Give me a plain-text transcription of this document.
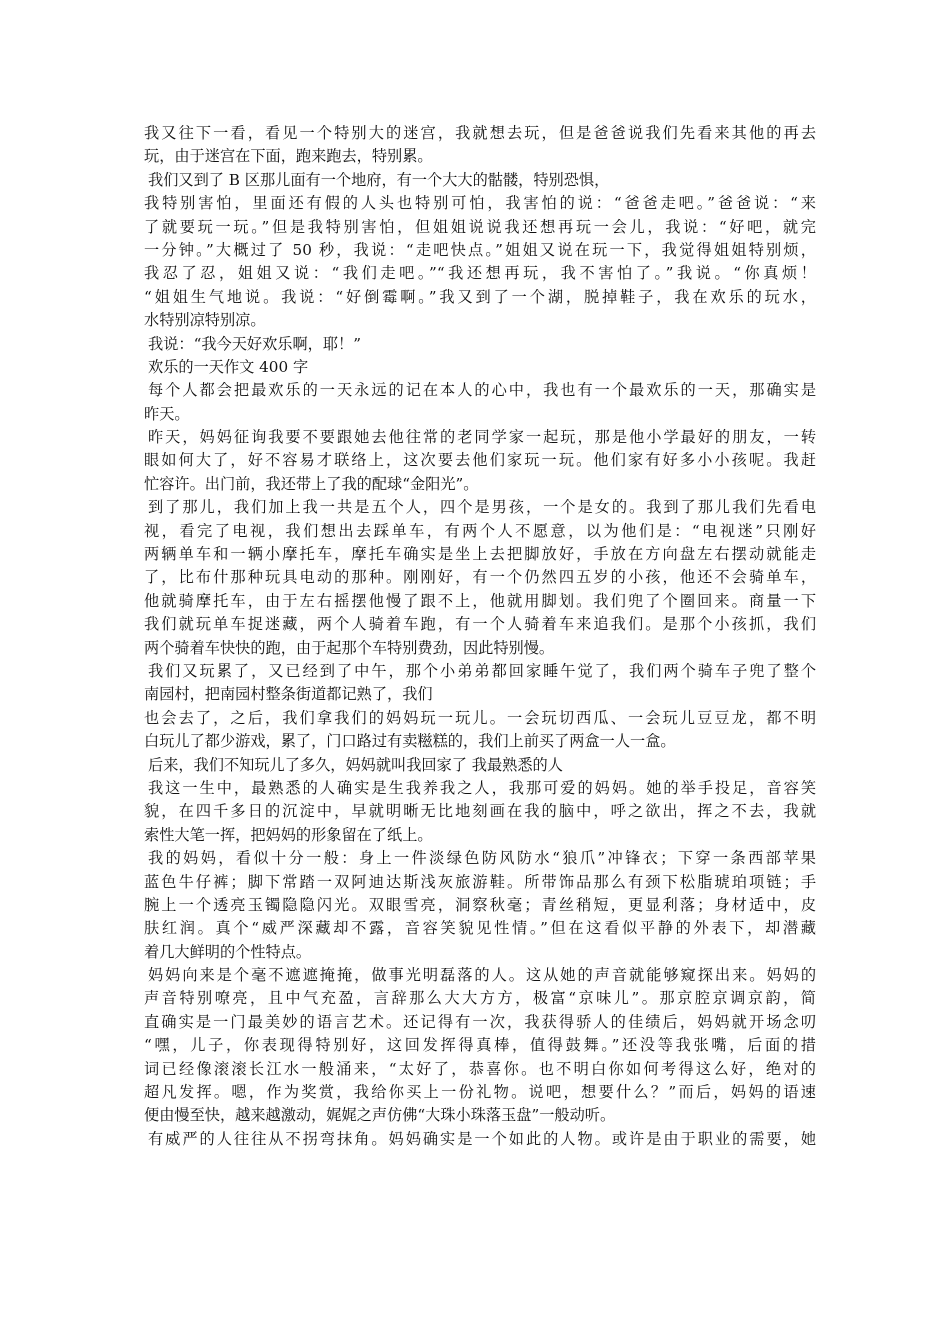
我又往下一看，看见一个特别大的迷宫，我就想去玩，但是爸爸说我们先看来其他的再去
玩，由于迷宫在下面，跑来跑去，特别累。
我们又到了 B 区那儿面有一个地府，有一个大大的骷髅，特别恐惧，
我特别害怕，里面还有假的人头也特别可怕，我害怕的说：“爸爸走吧。”爸爸说：“来
了就要玩一玩。”但是我特别害怕，但姐姐说说我还想再玩一会儿，我说：“好吧，就完
一分钟。”大概过了 50 秒，我说：“走吧快点。”姐姐又说在玩一下，我觉得姐姐特别烦，
我忍了忍，姐姐又说：“我们走吧。”“我还想再玩，我不害怕了。”我说。“你真烦！
“姐姐生气地说。我说：“好倒霉啊。”我又到了一个湖，脱掉鞋子，我在欢乐的玩水，
水特别凉特别凉。
我说：“我今天好欢乐啊，耶！”
欢乐的一天作文 400 字
每个人都会把最欢乐的一天永远的记在本人的心中，我也有一个最欢乐的一天，那确实是
昨天。
昨天，妈妈征询我要不要跟她去他往常的老同学家一起玩，那是他小学最好的朋友，一转
眼如何大了，好不容易才联络上，这次要去他们家玩一玩。他们家有好多小小孩呢。我赶
忙容许。出门前，我还带上了我的配球“金阳光”。
到了那儿，我们加上我一共是五个人，四个是男孩，一个是女的。我到了那儿我们先看电
视，看完了电视，我们想出去踩单车，有两个人不愿意，以为他们是：“电视迷”只刚好
两辆单车和一辆小摩托车，摩托车确实是坐上去把脚放好，手放在方向盘左右摆动就能走
了，比布什那种玩具电动的那种。刚刚好，有一个仍然四五岁的小孩，他还不会骑单车，
他就骑摩托车，由于左右摇摆他慢了跟不上，他就用脚划。我们兜了个圈回来。商量一下
我们就玩单车捉迷藏，两个人骑着车跑，有一个人骑着车来追我们。是那个小孩抓，我们
两个骑着车快快的跑，由于起那个车特别费劲，因此特别慢。
我们又玩累了，又已经到了中午，那个小弟弟都回家睡午觉了，我们两个骑车子兜了整个
南园村，把南园村整条街道都记熟了，我们
也会去了，之后，我们拿我们的妈妈玩一玩儿。一会玩切西瓜、一会玩儿豆豆龙，都不明
白玩儿了都少游戏，累了，门口路过有卖糍糕的，我们上前买了两盒一人一盒。
后来，我们不知玩儿了多久，妈妈就叫我回家了 我最熟悉的人
我这一生中，最熟悉的人确实是生我养我之人，我那可爱的妈妈。她的举手投足，音容笑
貌，在四千多日的沉淀中，早就明晰无比地刻画在我的脑中，呼之欲出，挥之不去，我就
索性大笔一挥，把妈妈的形象留在了纸上。
我的妈妈，看似十分一般：身上一件淡绿色防风防水“狼爪”冲锋衣；下穿一条西部苹果
蓝色牛仔裤；脚下常踏一双阿迪达斯浅灰旅游鞋。所带饰品那么有颈下松脂琥珀项链；手
腕上一个透亮玉镯隐隐闪光。双眼雪亮，洞察秋毫；青丝稍短，更显利落；身材适中，皮
肤红润。真个“威严深藏却不露，音容笑貌见性情。”但在这看似平静的外表下，却潜藏
着几大鲜明的个性特点。
妈妈向来是个毫不遮遮掩掩，做事光明磊落的人。这从她的声音就能够窥探出来。妈妈的
声音特别嘹亮，且中气充盈，言辞那么大大方方，极富“京味儿”。那京腔京调京韵，简
直确实是一门最美妙的语言艺术。还记得有一次，我获得骄人的佳绩后，妈妈就开场念叨
“嘿，儿子，你表现得特别好，这回发挥得真棒，值得鼓舞。”还没等我张嘴，后面的措
词已经像滚滚长江水一般涌来，“太好了，恭喜你。也不明白你如何考得这么好，绝对的
超凡发挥。嗯，作为奖赏，我给你买上一份礼物。说吧，想要什么？”而后，妈妈的语速
便由慢至快，越来越激动，娓娓之声仿佛“大珠小珠落玉盘”一般动听。
有威严的人往往从不拐弯抹角。妈妈确实是一个如此的人物。或许是由于职业的需要，她
